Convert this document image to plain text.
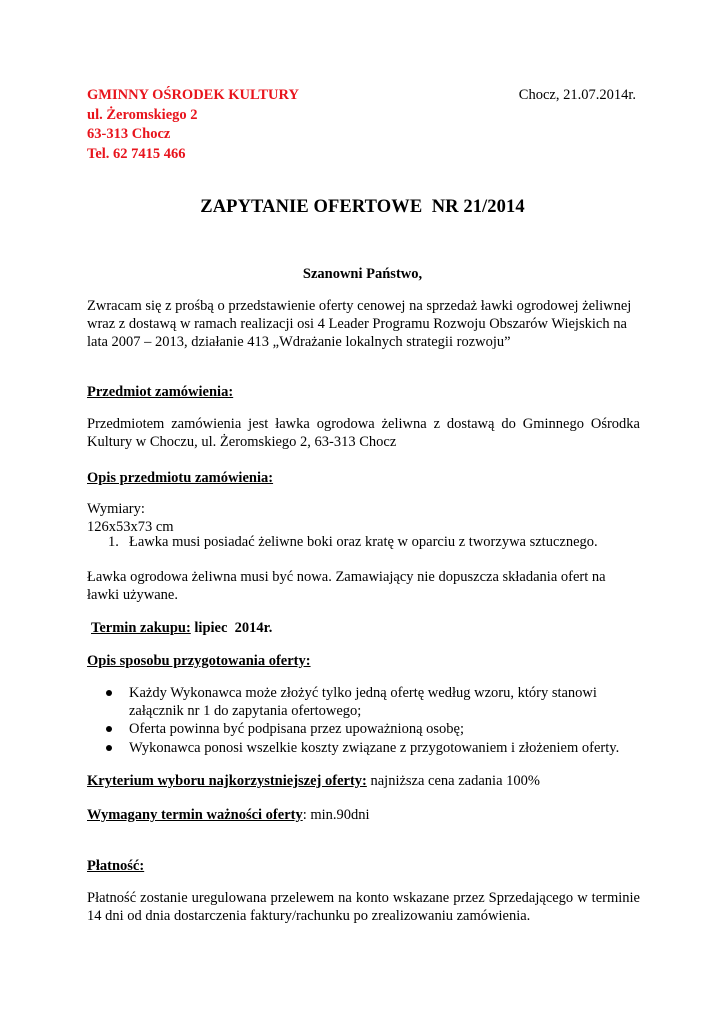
GMINNY OŚRODEK KULTURY
ul. Żeromskiego 2
63-313 Chocz
Tel. 62 7415 466
Chocz, 21.07.2014r.
ZAPYTANIE OFERTOWE  NR 21/2014
Szanowni Państwo,
Zwracam się z prośbą o przedstawienie oferty cenowej na sprzedaż ławki ogrodowej żeliwnej
wraz z dostawą w ramach realizacji osi 4 Leader Programu Rozwoju Obszarów Wiejskich na
lata 2007 – 2013, działanie 413 „Wdrażanie lokalnych strategii rozwoju”
Przedmiot zamówienia:
Przedmiotem zamówienia jest ławka ogrodowa żeliwna z dostawą do Gminnego Ośrodka Kultury w Choczu, ul. Żeromskiego 2, 63-313 Chocz
Opis przedmiotu zamówienia:
Wymiary:
126x53x73 cm
1. Ławka musi posiadać żeliwne boki oraz kratę w oparciu z tworzywa sztucznego.
Ławka ogrodowa żeliwna musi być nowa. Zamawiający nie dopuszcza składania ofert na
ławki używane.
Termin zakupu: lipiec  2014r.
Opis sposobu przygotowania oferty:
Każdy Wykonawca może złożyć tylko jedną ofertę według wzoru, który stanowi załącznik nr 1 do zapytania ofertowego;
Oferta powinna być podpisana przez upoważnioną osobę;
Wykonawca ponosi wszelkie koszty związane z przygotowaniem i złożeniem oferty.
Kryterium wyboru najkorzystniejszej oferty: najniższa cena zadania 100%
Wymagany termin ważności oferty: min.90dni
Płatność:
Płatność zostanie uregulowana przelewem na konto wskazane przez Sprzedającego w terminie 14 dni od dnia dostarczenia faktury/rachunku po zrealizowaniu zamówienia.
